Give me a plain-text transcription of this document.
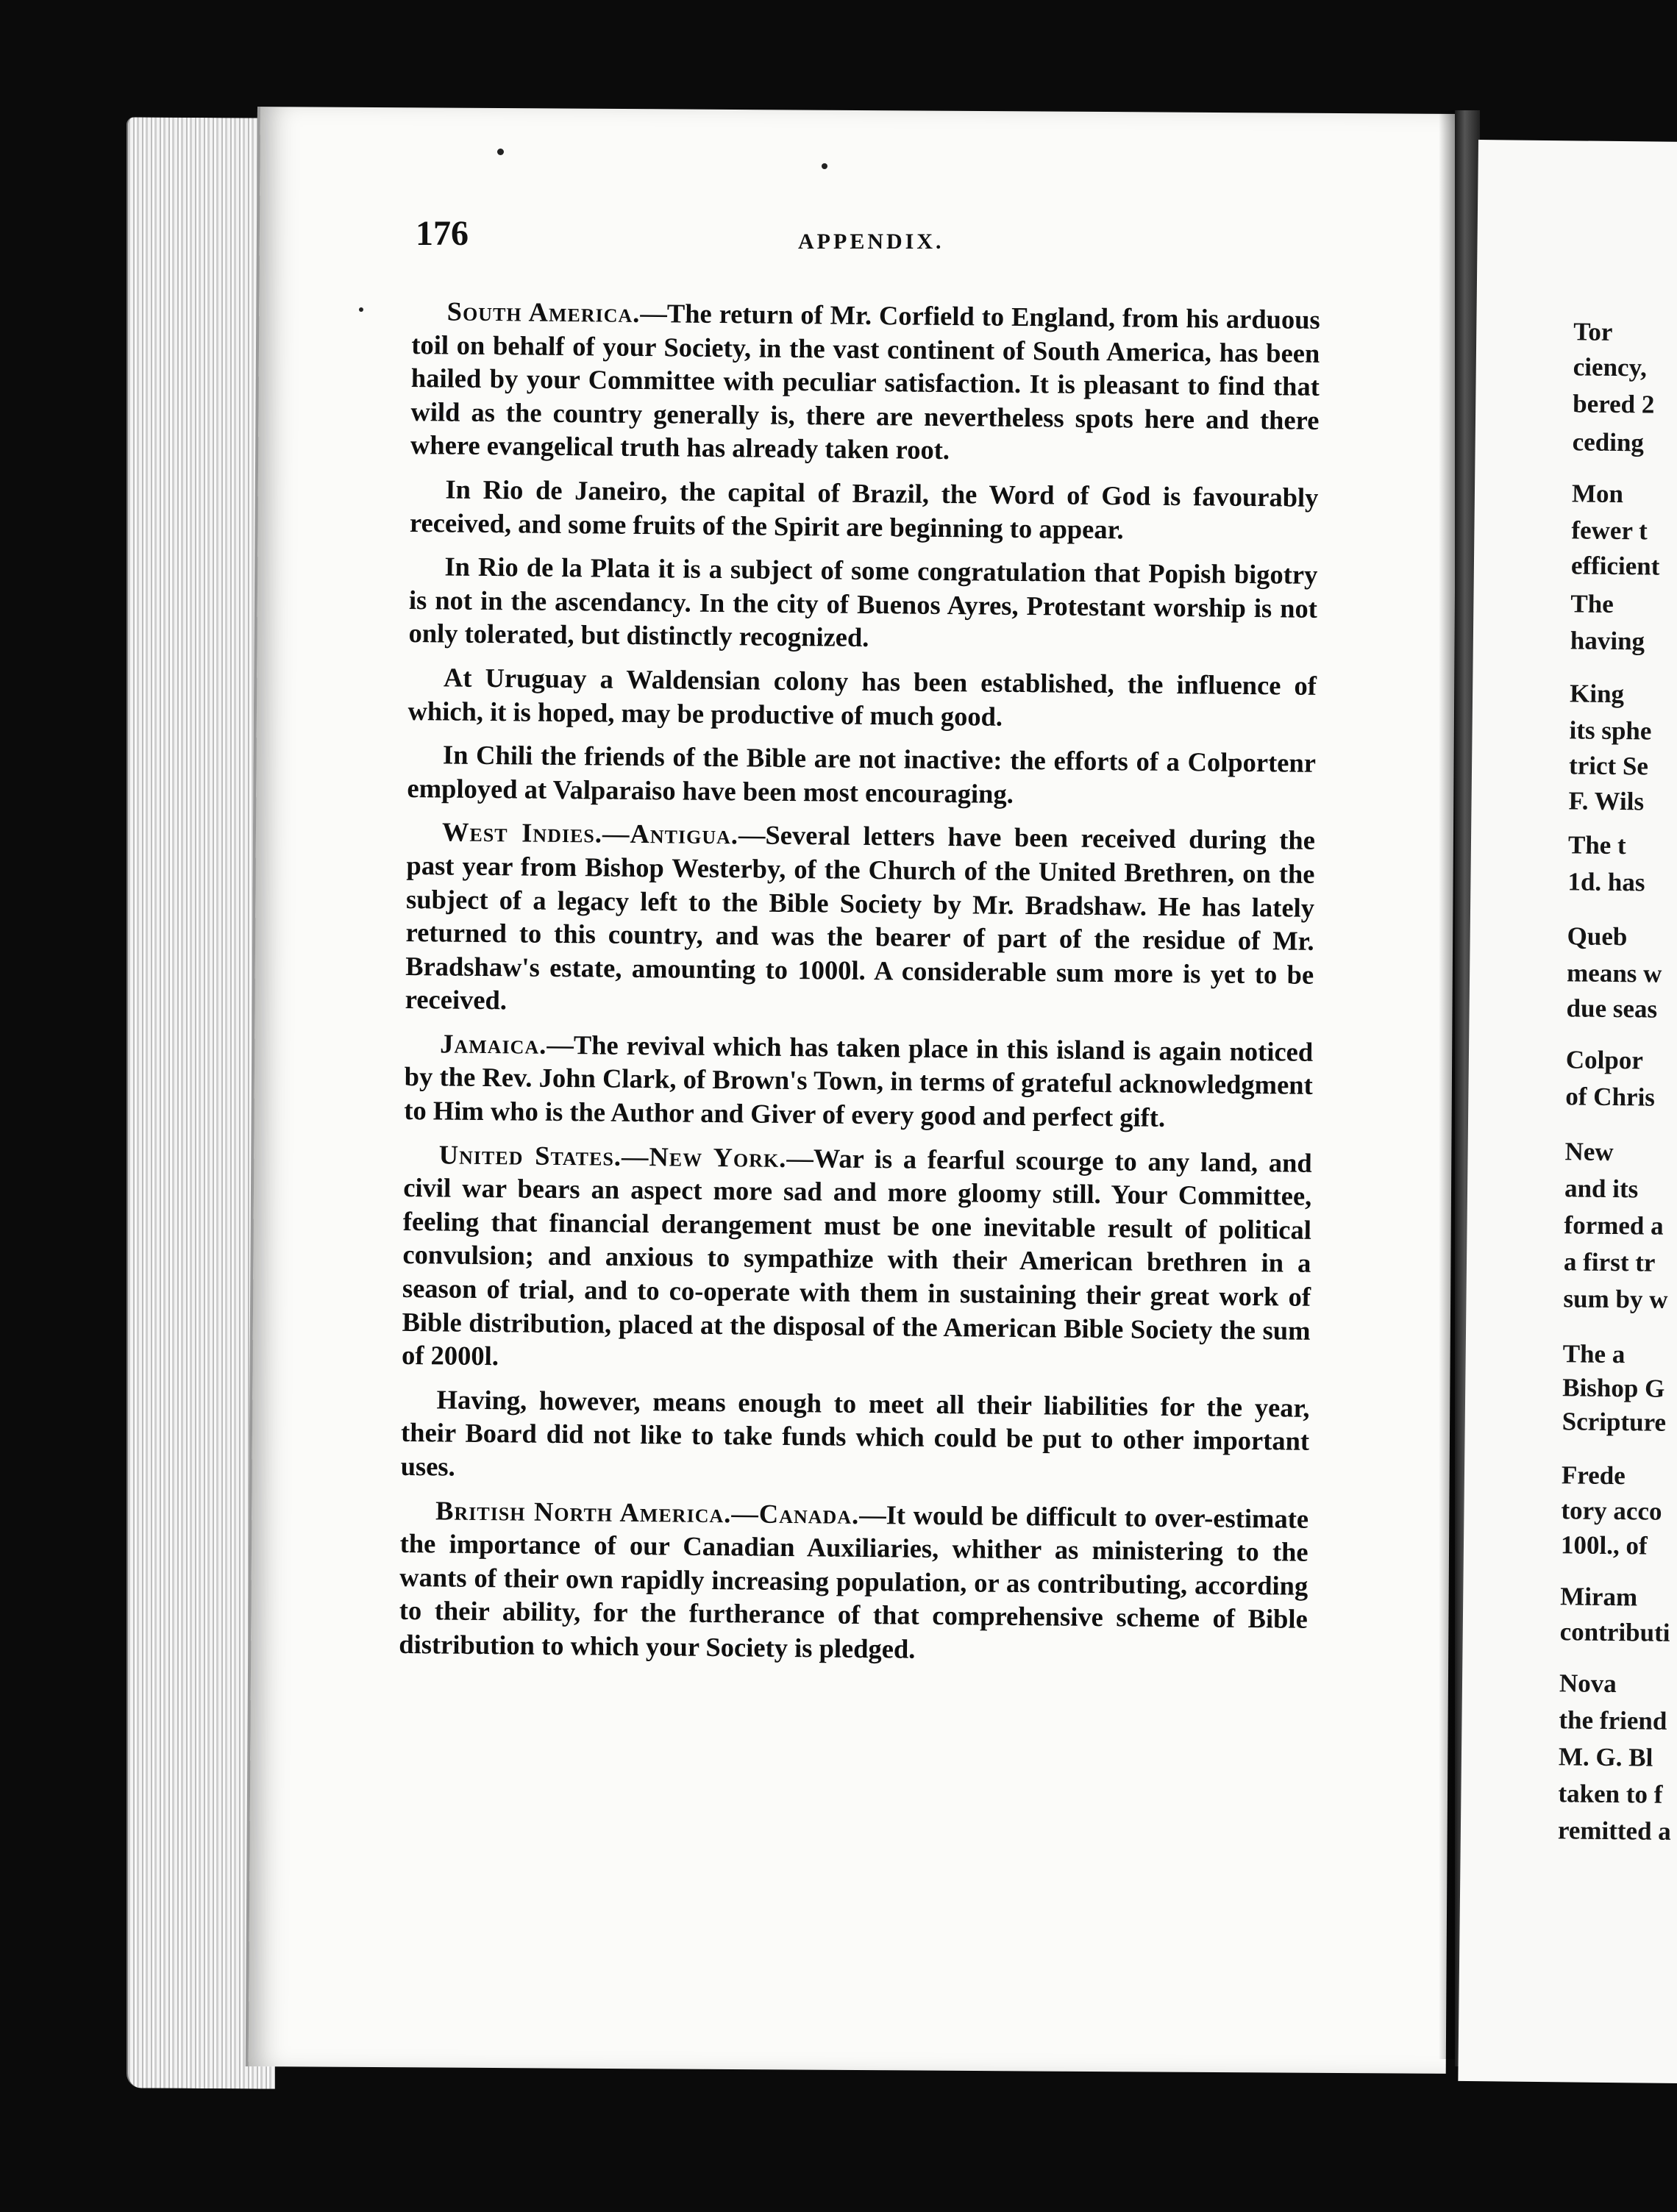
Tor
ciency,
bered 2
ceding
Mon
fewer t
efficient
The
having
King
its sphe
trict Se
F. Wils
The t
1d. has
Queb
means w
due seas
Colpor
of Chris
New
and its
formed a
a first tr
sum by w
The a
Bishop G
Scripture
Frede
tory acco
100l., of
Miram
contributi
Nova
the friend
M. G. Bl
taken to f
remitted a
176	APPENDIX.

South America.—The return of Mr. Corfield to England, from his arduous toil on behalf of your Society, in the vast continent of South America, has been hailed by your Committee with peculiar satisfaction. It is pleasant to find that wild as the country generally is, there are nevertheless spots here and there where evangelical truth has already taken root.

In Rio de Janeiro, the capital of Brazil, the Word of God is favourably received, and some fruits of the Spirit are beginning to appear.

In Rio de la Plata it is a subject of some congratulation that Popish bigotry is not in the ascendancy. In the city of Buenos Ayres, Protestant worship is not only tolerated, but distinctly recognized.

At Uruguay a Waldensian colony has been established, the influence of which, it is hoped, may be productive of much good.

In Chili the friends of the Bible are not inactive: the efforts of a Colportenr employed at Valparaiso have been most encouraging.

West Indies.—Antigua.—Several letters have been received during the past year from Bishop Westerby, of the Church of the United Brethren, on the subject of a legacy left to the Bible Society by Mr. Bradshaw. He has lately returned to this country, and was the bearer of part of the residue of Mr. Bradshaw's estate, amounting to 1000l. A considerable sum more is yet to be received.

Jamaica.—The revival which has taken place in this island is again noticed by the Rev. John Clark, of Brown's Town, in terms of grateful acknowledgment to Him who is the Author and Giver of every good and perfect gift.

United States.—New York.—War is a fearful scourge to any land, and civil war bears an aspect more sad and more gloomy still. Your Committee, feeling that financial derangement must be one inevitable result of political convulsion; and anxious to sympathize with their American brethren in a season of trial, and to co-operate with them in sustaining their great work of Bible distribution, placed at the disposal of the American Bible Society the sum of 2000l.

Having, however, means enough to meet all their liabilities for the year, their Board did not like to take funds which could be put to other important uses.

British North America.—Canada.—It would be difficult to over-estimate the importance of our Canadian Auxiliaries, whither as ministering to the wants of their own rapidly increasing population, or as contributing, according to their ability, for the furtherance of that comprehensive scheme of Bible distribution to which your Society is pledged.
